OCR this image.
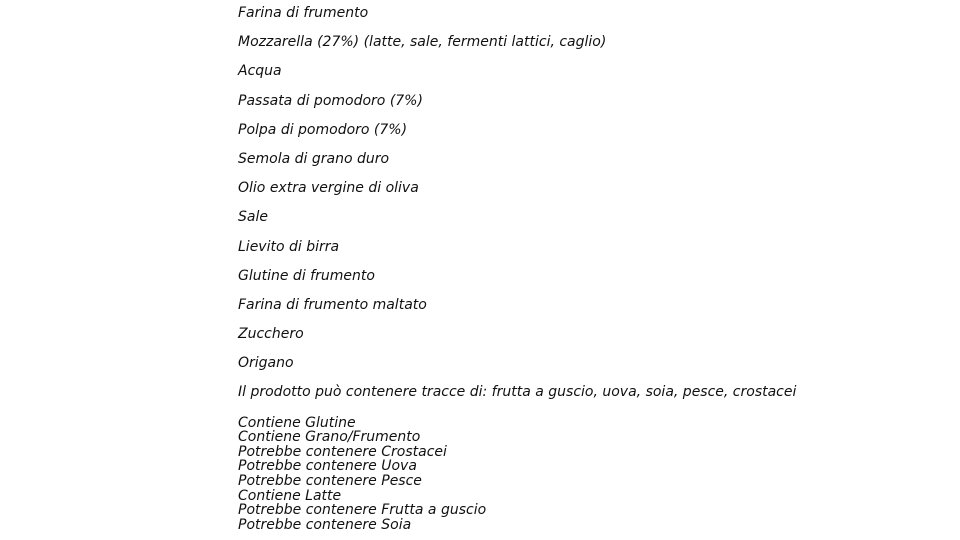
Farina di frumento
Mozzarella (27%) (latte, sale, fermenti lattici, caglio)
Acqua
Passata di pomodoro (7%)
Polpa di pomodoro (7%)
Semola di grano duro
Olio extra vergine di oliva
Sale
Lievito di birra
Glutine di frumento
Farina di frumento maltato
Zucchero
Origano
Il prodotto può contenere tracce di: frutta a guscio, uova, soia, pesce, crostacei
Contiene Glutine
Contiene Grano/Frumento
Potrebbe contenere Crostacei
Potrebbe contenere Uova
Potrebbe contenere Pesce
Contiene Latte
Potrebbe contenere Frutta a guscio
Potrebbe contenere Soia
